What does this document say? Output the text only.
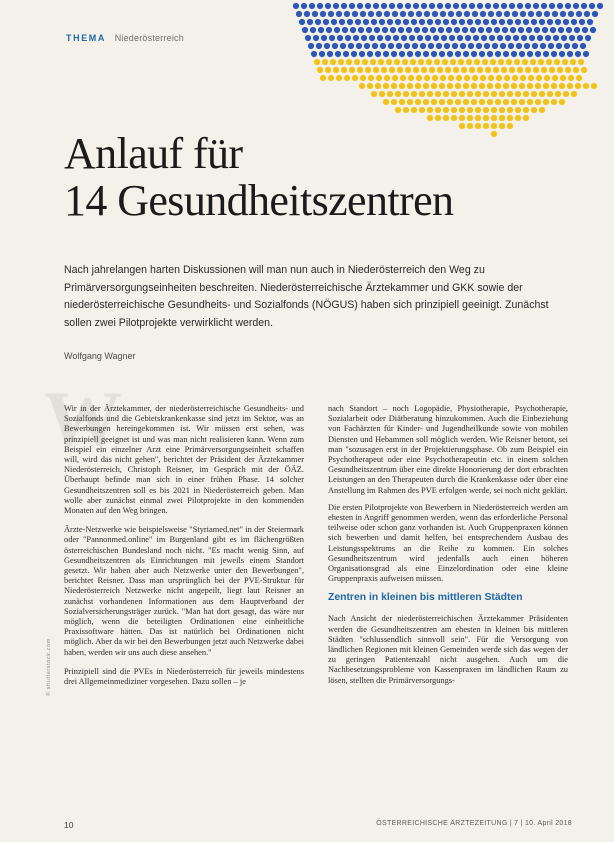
THEMA Niederösterreich
Anlauf für
14 Gesundheitszentren

Nach jahrelangen harten Diskussionen will man nun auch in Niederösterreich den Weg zu Primärversorgungseinheiten beschreiten. Niederösterreichische Ärztekammer und GKK sowie der niederösterreichische Gesundheits- und Sozialfonds (NÖGUS) haben sich prinzipiell geeinigt. Zunächst sollen zwei Pilotprojekte verwirklicht werden.

Wolfgang Wagner
W

Wir in der Ärztekammer, der niederösterreichische Gesundheits- und Sozialfonds und die Gebietskrankenkasse sind jetzt im Sektor, was an Bewerbungen hereingekommen ist. Wir müssen erst sehen, was prinzipiell geeignet ist und was man nicht realisieren kann. Wenn zum Beispiel ein einzelner Arzt eine Primärversorgungseinheit schaffen will, wird das nicht gehen", berichtet der Präsident der Ärztekammer Niederösterreich, Christoph Reisner, im Gespräch mit der ÖÄZ. Überhaupt befinde man sich in einer frühen Phase. 14 solcher Gesundheitszentren soll es bis 2021 in Niederösterreich geben. Man wolle aber zunächst einmal zwei Pilotprojekte in den kommenden Monaten auf den Weg bringen.

Ärzte-Netzwerke wie beispielsweise "Styriamed.net" in der Steiermark oder "Pannonmed.online" im Burgenland gibt es im flächengrößten österreichischen Bundesland noch nicht. "Es macht wenig Sinn, auf Gesundheitszentren als Einrichtungen mit jeweils einem Standort gesetzt. Wir haben aber auch Netzwerke unter den Bewerbungen", berichtet Reisner. Dass man ursprünglich bei der PVE-Struktur für Niederösterreich Netzwerke nicht angepeilt, liegt laut Reisner an zunächst vorhandenen Informationen aus dem Hauptverband der Sozialversicherungsträger zurück. "Man hat dort gesagt, das wäre nur möglich, wenn die beteiligten Ordinationen eine einheitliche Praxissoftware hätten. Das ist natürlich bei Ordinationen nicht möglich. Aber da wir bei den Bewerbungen jetzt auch Netzwerke dabei haben, werden wir uns auch diese ansehen."

Prinzipiell sind die PVEs in Niederösterreich für jeweils mindestens drei Allgemeinmediziner vorgesehen. Dazu sollen – je

nach Standort – noch Logopädie, Physiotherapie, Psychotherapie, Sozialarbeit oder Diätberatung hinzukommen. Auch die Einbeziehung von Fachärzten für Kinder- und Jugendheilkunde sowie von mobilen Diensten und Hebammen soll möglich werden. Wie Reisner betont, sei man "sozusagen erst in der Projektierungsphase. Ob zum Beispiel ein Psychotherapeut oder eine Psychotherapeutin etc. in einem solchen Gesundheitszentrum über eine direkte Honorierung der dort erbrachten Leistungen an den Therapeuten durch die Krankenkasse oder über eine Anstellung im Rahmen des PVE erfolgen werde, sei noch nicht geklärt.

Die ersten Pilotprojekte von Bewerbern in Niederösterreich werden am ehesten in Angriff genommen werden, wenn das erforderliche Personal teilweise oder schon ganz vorhanden ist. Auch Gruppenpraxen können sich bewerben und damit helfen, bei entsprechendem Ausbau des Leistungsspektrums an die Reihe zu kommen. Ein solches Gesundheitszentrum wird jedenfalls auch einen höheren Organisationsgrad als eine Einzelordination oder eine kleine Gruppenpraxis aufweisen müssen.

Zentren in kleinen bis mittleren Städten

Nach Ansicht der niederösterreichischen Ärztekammer Präsidenten werden die Gesundheitszentren am ehesten in kleinen bis mittleren Städten "schlussendlich sinnvoll sein". Für die Versorgung von ländlichen Regionen mit kleinen Gemeinden werde sich das wegen der zu geringen Patientenzahl nicht ausgehen. Auch um die Nachbesetzungsprobleme von Kassenpraxen im ländlichen Raum zu lösen, stellten die Primärversorgungs-

© shutterstock.com
10	ÖSTERREICHISCHE ÄRZTEZEITUNG | 7 | 10. April 2018
